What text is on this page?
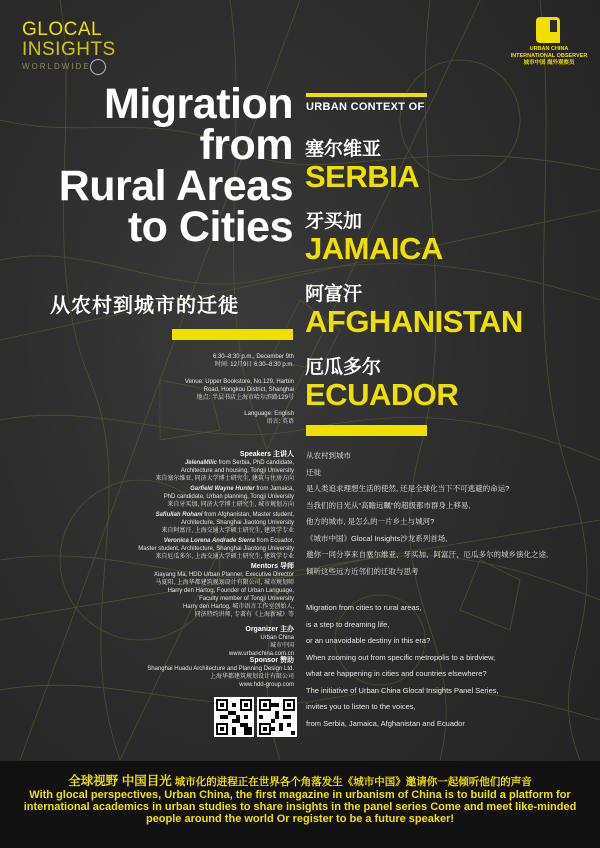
GLOCAL
INSIGHTS
WORLDWIDE
URBAN CHINA INTERNATIONAL OBSERVER 城市中国 海外观察员
Migration
from
Rural Areas
to Cities
从农村到城市的迁徙
URBAN CONTEXT OF
塞尔维亚
SERBIA
牙买加
JAMAICA
阿富汗
AFGHANISTAN
厄瓜多尔
ECUADOR
6:30–8:30 p.m., December 9th
时间: 12月9日 6:30–8:30 p.m.
Venue: Upper Bookstore, No.129, Harbin
Road, Hongkou District, Shanghai
地点: 半层书店上海市哈尔滨路129号
Language: English
语言: 英语
Speakers 主讲人
JelenaMilic from Serbia, PhD candidate,
Architecture and housing, Tongji University
来自塞尔维亚, 同济大学博士研究生, 建筑与住房方向
Garfield Wayne Hunter from Jamaica,
PhD candidate, Urban planning, Tongji University
来自牙买加, 同济大学博士研究生, 城市规划方向
Safiullah Rohani from Afghanistan, Master student,
Architecture, Shanghai Jiaotong University
来自阿富汗, 上海交通大学硕士研究生, 建筑学专业
Veronica Lorena Andrade Sierra from Ecuador,
Master student, Architecture, Shanghai Jiaotong University
来自厄瓜多尔, 上海交通大学硕士研究生, 建筑学专业
Mentors 导师
Xiayang Ma, HDD Urban Planner, Executive Director
马夏阳, 上海华都建筑规划设计有限公司, 城市规划师
Harry den Hartog, Founder of Urban Language,
Faculty member of Tongji University
Harry den Hartog, 城市语言工作室创始人,
同济特约讲师, 专著有《上海新城》等
Organizer 主办
Urban China
城市中国
www.urbanchina.com.cn
Sponsor 赞助
Shanghai Huadu Architecture and Planning Design Ltd.
上海华都建筑规划设计有限公司
www.hdd-group.com

从农村到城市

迁徙

是人类追求理想生活的使然, 还是全球化当下不可逃避的命运?

当我们的目光从“高瞻远瞩”的超级都市群身上移易,

他方的城市, 是怎么的一片乡土与城河?

《城市中国》Glocal Insights沙龙系列首场,

邀你一同分享来自塞尔维亚、牙买加、阿富汗、厄瓜多尔的城乡演化之途,

倾听这些远方近邻们的迁取与思考

Migration from cities to rural areas,

is a step to dreaming life,

or an unavoidable destiny in this era?

When zooming out from specific metropolis to a birdview,

what are happening in cities and countries elsewhere?

The initiative of Urban China Glocal Insights Panel Series,

invites you to listen to the voices,

from Serbia, Jamaica, Afghanistan and Ecuador

全球视野 中国目光 城市化的进程正在世界各个角落发生《城市中国》邀请你一起倾听他们的声音
With glocal perspectives, Urban China, the first magazine in urbanism of China is to build a platform for international academics in urban studies to share insights in the panel series Come and meet like-minded people around the world Or register to be a future speaker!
